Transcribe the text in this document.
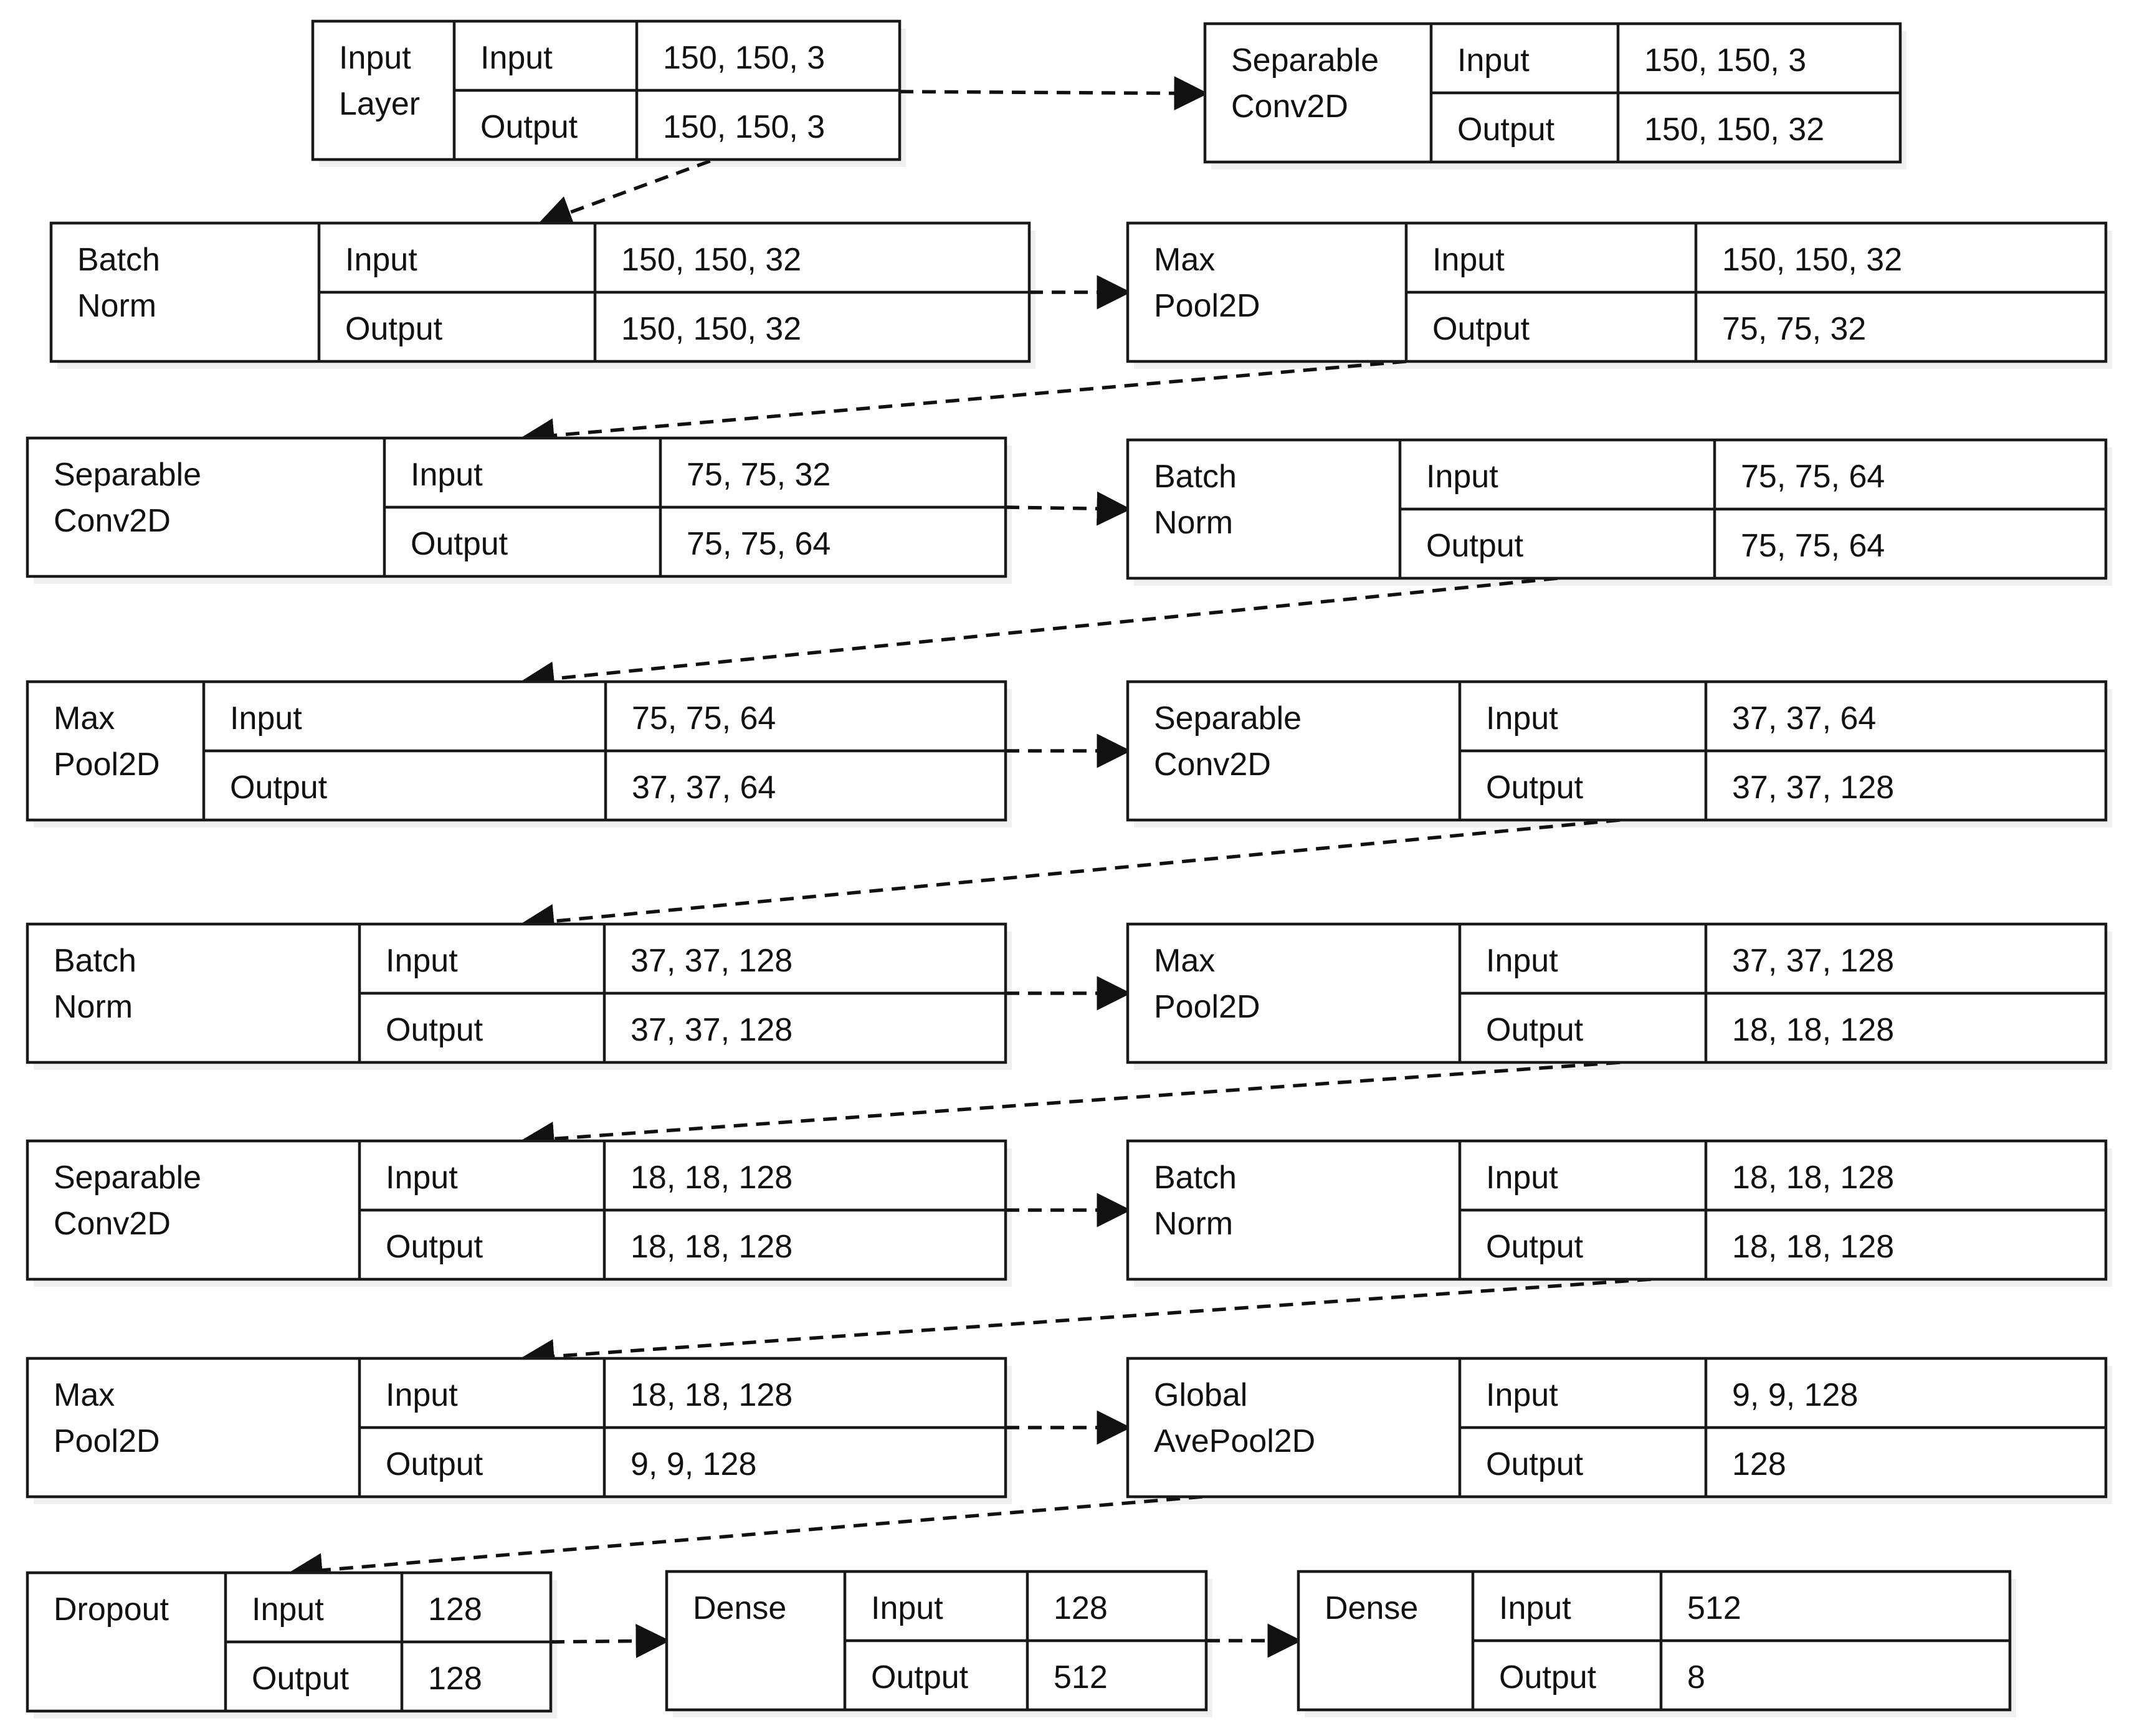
Input
Layer
Input
Output
150, 150, 3
150, 150, 3
Separable
Conv2D
Input
Output
150, 150, 3
150, 150, 32
Batch
Norm
Input
Output
150, 150, 32
150, 150, 32
Max
Pool2D
Input
Output
150, 150, 32
75, 75, 32
Separable
Conv2D
Input
Output
75, 75, 32
75, 75, 64
Batch
Norm
Input
Output
75, 75, 64
75, 75, 64
Max
Pool2D
Input
Output
75, 75, 64
37, 37, 64
Separable
Conv2D
Input
Output
37, 37, 64
37, 37, 128
Batch
Norm
Input
Output
37, 37, 128
37, 37, 128
Max
Pool2D
Input
Output
37, 37, 128
18, 18, 128
Separable
Conv2D
Input
Output
18, 18, 128
18, 18, 128
Batch
Norm
Input
Output
18, 18, 128
18, 18, 128
Max
Pool2D
Input
Output
18, 18, 128
9, 9, 128
Global
AvePool2D
Input
Output
9, 9, 128
128
Dropout	Input
Output
128
128
Dense	Input
Output
128
512
Dense Input
Output
512
8
